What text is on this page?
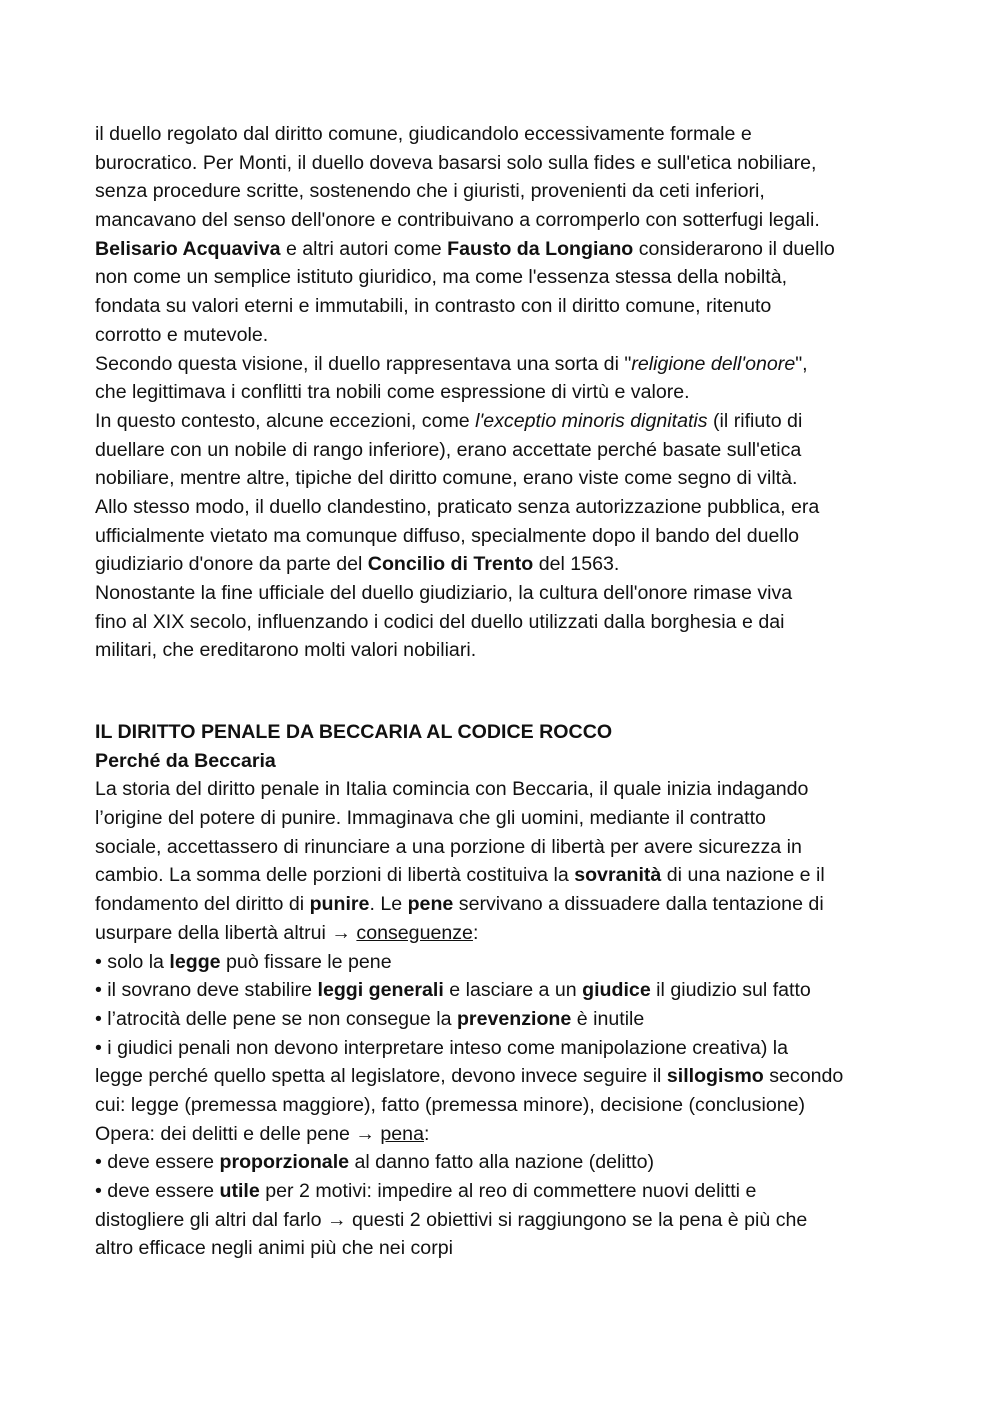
il duello regolato dal diritto comune, giudicandolo eccessivamente formale e
burocratico. Per Monti, il duello doveva basarsi solo sulla fides e sull'etica nobiliare,
senza procedure scritte, sostenendo che i giuristi, provenienti da ceti inferiori,
mancavano del senso dell'onore e contribuivano a corromperlo con sotterfugi legali.
Belisario Acquaviva e altri autori come Fausto da Longiano considerarono il duello
non come un semplice istituto giuridico, ma come l'essenza stessa della nobiltà,
fondata su valori eterni e immutabili, in contrasto con il diritto comune, ritenuto
corrotto e mutevole.
Secondo questa visione, il duello rappresentava una sorta di "religione dell'onore",
che legittimava i conflitti tra nobili come espressione di virtù e valore.
In questo contesto, alcune eccezioni, come l'exceptio minoris dignitatis (il rifiuto di
duellare con un nobile di rango inferiore), erano accettate perché basate sull'etica
nobiliare, mentre altre, tipiche del diritto comune, erano viste come segno di viltà.
Allo stesso modo, il duello clandestino, praticato senza autorizzazione pubblica, era
ufficialmente vietato ma comunque diffuso, specialmente dopo il bando del duello
giudiziario d'onore da parte del Concilio di Trento del 1563.
Nonostante la fine ufficiale del duello giudiziario, la cultura dell'onore rimase viva
fino al XIX secolo, influenzando i codici del duello utilizzati dalla borghesia e dai
militari, che ereditarono molti valori nobiliari.
IL DIRITTO PENALE DA BECCARIA AL CODICE ROCCO
Perché da Beccaria
La storia del diritto penale in Italia comincia con Beccaria, il quale inizia indagando
l’origine del potere di punire. Immaginava che gli uomini, mediante il contratto
sociale, accettassero di rinunciare a una porzione di libertà per avere sicurezza in
cambio. La somma delle porzioni di libertà costituiva la sovranità di una nazione e il
fondamento del diritto di punire. Le pene servivano a dissuadere dalla tentazione di
usurpare della libertà altrui → conseguenze:
• solo la legge può fissare le pene
• il sovrano deve stabilire leggi generali e lasciare a un giudice il giudizio sul fatto
• l’atrocità delle pene se non consegue la prevenzione è inutile
• i giudici penali non devono interpretare inteso come manipolazione creativa) la
legge perché quello spetta al legislatore, devono invece seguire il sillogismo secondo
cui: legge (premessa maggiore), fatto (premessa minore), decisione (conclusione)
Opera: dei delitti e delle pene → pena:
• deve essere proporzionale al danno fatto alla nazione (delitto)
• deve essere utile per 2 motivi: impedire al reo di commettere nuovi delitti e
distogliere gli altri dal farlo → questi 2 obiettivi si raggiungono se la pena è più che
altro efficace negli animi più che nei corpi
